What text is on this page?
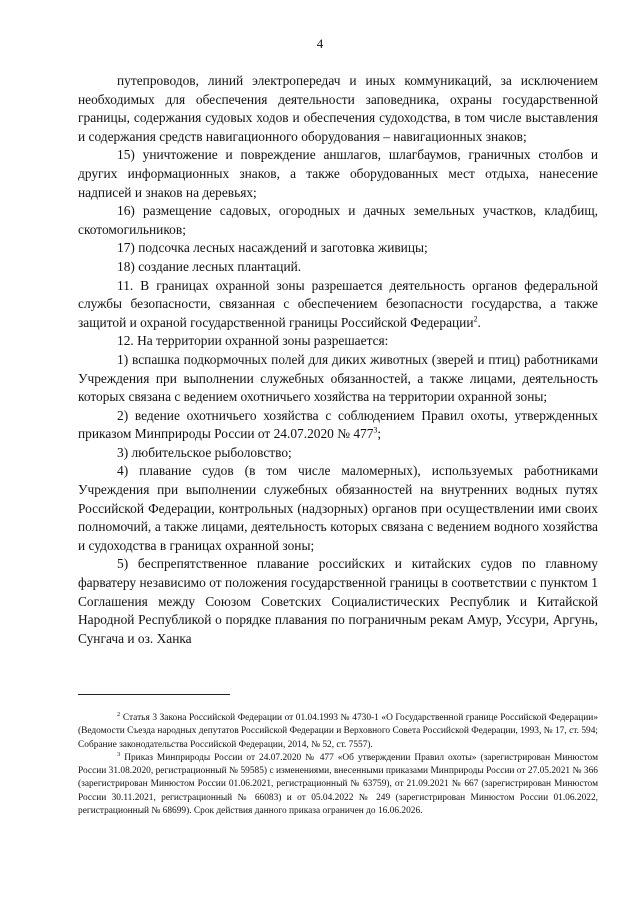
4

путепроводов, линий электропередач и иных коммуникаций, за исключением необходимых для обеспечения деятельности заповедника, охраны государственной границы, содержания судовых ходов и обеспечения судоходства, в том числе выставления и содержания средств навигационного оборудования – навигационных знаков;

15) уничтожение и повреждение аншлагов, шлагбаумов, граничных столбов и других информационных знаков, а также оборудованных мест отдыха, нанесение надписей и знаков на деревьях;

16) размещение садовых, огородных и дачных земельных участков, кладбищ, скотомогильников;

17) подсочка лесных насаждений и заготовка живицы;

18) создание лесных плантаций.

11. В границах охранной зоны разрешается деятельность органов федеральной службы безопасности, связанная с обеспечением безопасности государства, а также защитой и охраной государственной границы Российской Федерации$^2$.

12. На территории охранной зоны разрешается:

1) вспашка подкормочных полей для диких животных (зверей и птиц) работниками Учреждения при выполнении служебных обязанностей, а также лицами, деятельность которых связана с ведением охотничьего хозяйства на территории охранной зоны;

2) ведение охотничьего хозяйства с соблюдением Правил охоты, утвержденных приказом Минприроды России от 24.07.2020 № $477^3$;

3) любительское рыболовство;

4) плавание судов (в том числе маломерных), используемых работниками Учреждения при выполнении служебных обязанностей на внутренних водных путях Российской Федерации, контрольных (надзорных) органов при осуществлении ими своих полномочий, а также лицами, деятельность которых связана с ведением водного хозяйства и судоходства в границах охранной зоны;

5) беспрепятственное плавание российских и китайских судов по главному фарватеру независимо от положения государственной границы в соответствии с пунктом 1 Соглашения между Союзом Советских Социалистических Республик и Китайской Народной Республикой о порядке плавания по пограничным рекам Амур, Уссури, Аргунь, Сунгача и оз. Ханка

$^2$ Статья 3 Закона Российской Федерации от 01.04.1993 № 4730-1 «О Государственной границе Российской Федерации» (Ведомости Съезда народных депутатов Российской Федерации и Верховного Совета Российской Федерации, 1993, № 17, ст. 594; Собрание законодательства Российской Федерации, 2014, № 52, ст. 7557).

$^3$ Приказ Минприроды России от 24.07.2020 № 477 «Об утверждении Правил охоты» (зарегистрирован Минюстом России 31.08.2020, регистрационный № 59585) с изменениями, внесенными приказами Минприроды России от 27.05.2021 № 366 (зарегистрирован Минюстом России 01.06.2021, регистрационный № 63759), от 21.09.2021 № 667 (зарегистрирован Минюстом России 30.11.2021, регистрационный № 66083) и от 05.04.2022 № 249 (зарегистрирован Минюстом России 01.06.2022, регистрационный № 68699). Срок действия данного приказа ограничен до 16.06.2026.
